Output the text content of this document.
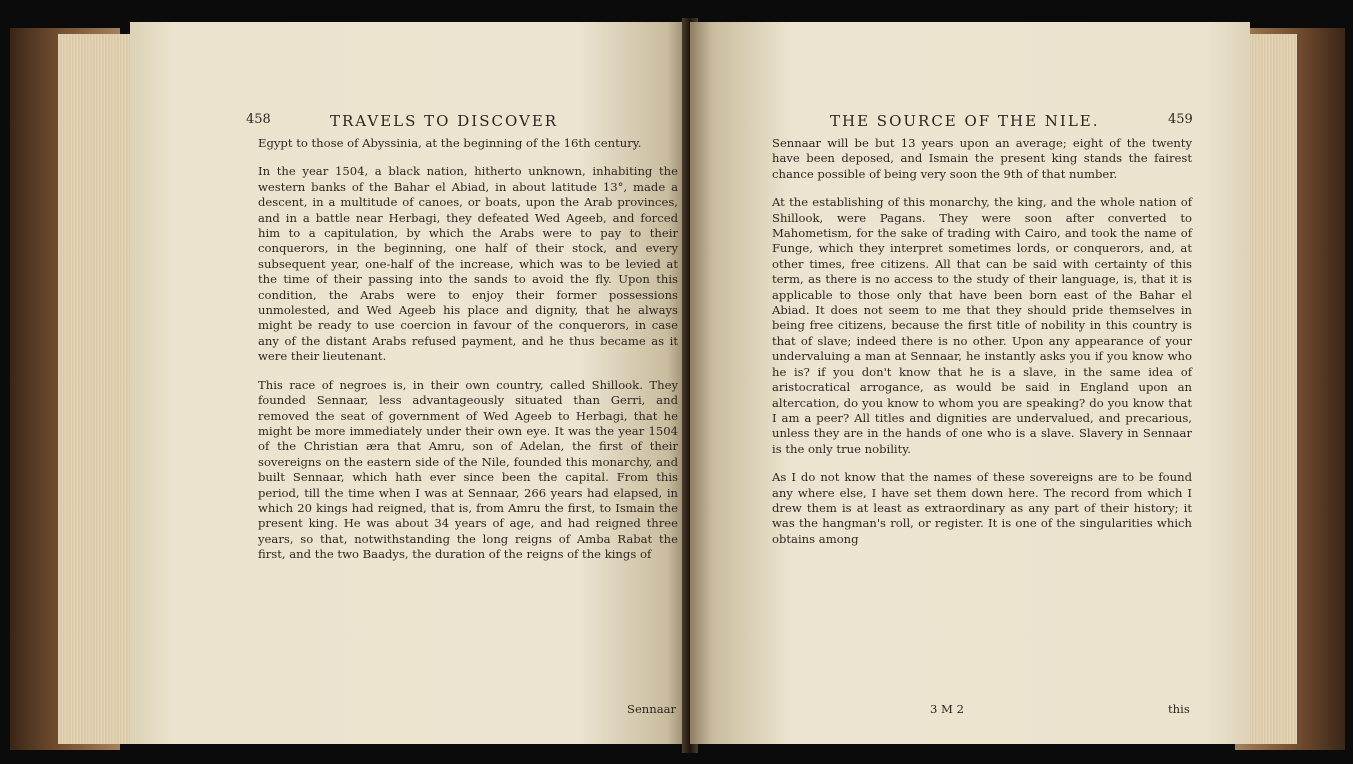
458	TRAVELS TO DISCOVER

Egypt to those of Abyssinia, at the beginning of the 16th century.

In the year 1504, a black nation, hitherto unknown, inhabiting the western banks of the Bahar el Abiad, in about latitude 13°, made a descent, in a multitude of canoes, or boats, upon the Arab provinces, and in a battle near Herbagi, they defeated Wed Ageeb, and forced him to a capitulation, by which the Arabs were to pay to their conquerors, in the beginning, one half of their stock, and every subsequent year, one-half of the increase, which was to be levied at the time of their passing into the sands to avoid the fly. Upon this condition, the Arabs were to enjoy their former possessions unmolested, and Wed Ageeb his place and dignity, that he always might be ready to use coercion in favour of the conquerors, in case any of the distant Arabs refused payment, and he thus became as it were their lieutenant.

This race of negroes is, in their own country, called Shillook. They founded Sennaar, less advantageously situated than Gerri, and removed the seat of government of Wed Ageeb to Herbagi, that he might be more immediately under their own eye. It was the year 1504 of the Christian æra that Amru, son of Adelan, the first of their sovereigns on the eastern side of the Nile, founded this monarchy, and built Sennaar, which hath ever since been the capital. From this period, till the time when I was at Sennaar, 266 years had elapsed, in which 20 kings had reigned, that is, from Amru the first, to Ismain the present king. He was about 34 years of age, and had reigned three years, so that, notwithstanding the long reigns of Amba Rabat the first, and the two Baadys, the duration of the reigns of the kings of

Sennaar
THE SOURCE OF THE NILE.	459

Sennaar will be but 13 years upon an average; eight of the twenty have been deposed, and Ismain the present king stands the fairest chance possible of being very soon the 9th of that number.

At the establishing of this monarchy, the king, and the whole nation of Shillook, were Pagans. They were soon after converted to Mahometism, for the sake of trading with Cairo, and took the name of Funge, which they interpret sometimes lords, or conquerors, and, at other times, free citizens. All that can be said with certainty of this term, as there is no access to the study of their language, is, that it is applicable to those only that have been born east of the Bahar el Abiad. It does not seem to me that they should pride themselves in being free citizens, because the first title of nobility in this country is that of slave; indeed there is no other. Upon any appearance of your undervaluing a man at Sennaar, he instantly asks you if you know who he is? if you don't know that he is a slave, in the same idea of aristocratical arrogance, as would be said in England upon an altercation, do you know to whom you are speaking? do you know that I am a peer? All titles and dignities are undervalued, and precarious, unless they are in the hands of one who is a slave. Slavery in Sennaar is the only true nobility.

As I do not know that the names of these sovereigns are to be found any where else, I have set them down here. The record from which I drew them is at least as extraordinary as any part of their history; it was the hangman's roll, or register. It is one of the singularities which obtains among

3 M 2	this
